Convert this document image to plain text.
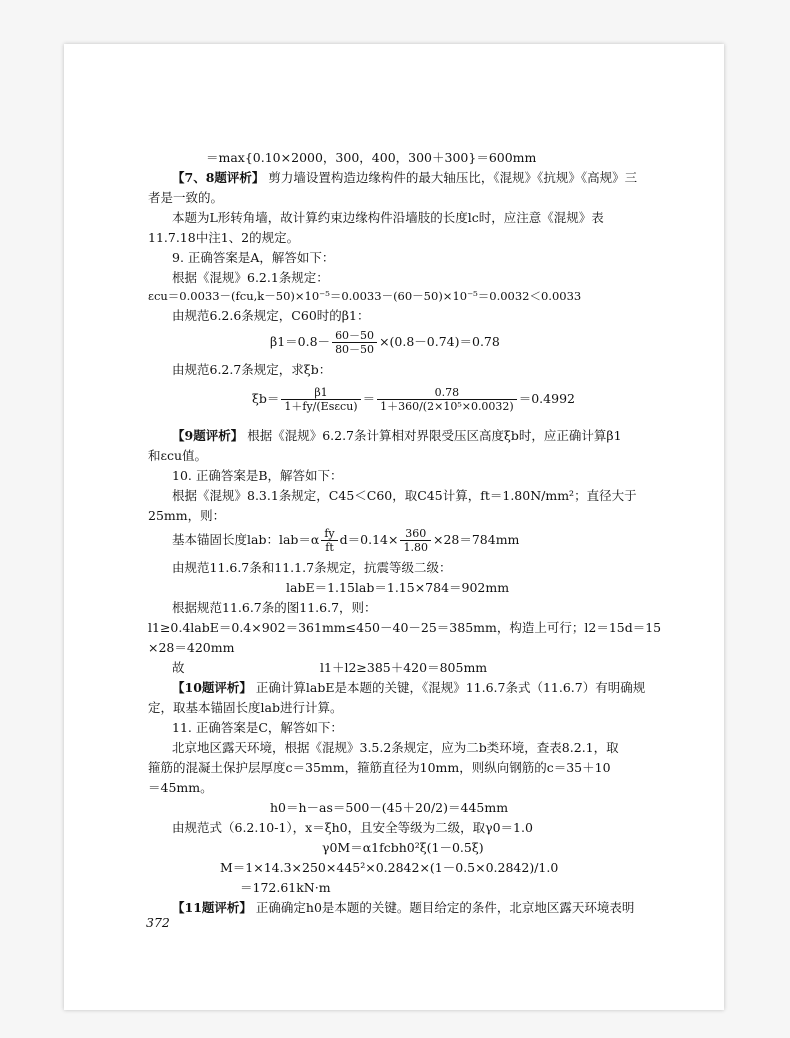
＝max{0.10×2000，300，400，300＋300}＝600mm
【7、8题评析】 剪力墙设置构造边缘构件的最大轴压比，《混规》《抗规》《高规》三
者是一致的。
本题为L形转角墙，故计算约束边缘构件沿墙肢的长度lc时，应注意《混规》表
11.7.18中注1、2的规定。
9. 正确答案是A，解答如下：
根据《混规》6.2.1条规定：
εcu＝0.0033－(fcu,k－50)×10⁻⁵＝0.0033－(60－50)×10⁻⁵＝0.0032＜0.0033
由规范6.2.6条规定，C60时的β1：
$\beta 1=0.8- \frac{60-50}{80-50} \times(0.8-0.74)=0.78$
由规范6.2.7条规定，求ξb：
$\xi b= \frac{\beta 1}{\text{1＋fy/(Esεcu)}} = \frac{0.78}{\text{1＋360/(2×10⁵×0.0032)}} =0.4992$
【9题评析】 根据《混规》6.2.7条计算相对界限受压区高度ξb时，应正确计算β1
和εcu值。
10. 正确答案是B，解答如下：
根据《混规》8.3.1条规定，C45＜C60，取C45计算，ft＝1.80N/mm²；直径大于
25mm，则：
基本锚固长度lab：$lab=\alpha \frac{fy}{ft} d=0.14\times \frac{360}{1.80} \times 28=784mm$
由规范11.6.7条和11.1.7条规定，抗震等级二级：
labE＝1.15lab＝1.15×784＝902mm
根据规范11.6.7条的图11.6.7，则：
l1≥0.4labE＝0.4×902＝361mm≤450－40－25＝385mm，构造上可行；l2＝15d＝15
×28＝420mm
故	l1＋l2≥385＋420＝805mm
【10题评析】 正确计算labE是本题的关键，《混规》11.6.7条式（11.6.7）有明确规
定，取基本锚固长度lab进行计算。
11. 正确答案是C，解答如下：
北京地区露天环境，根据《混规》3.5.2条规定，应为二b类环境，查表8.2.1，取
箍筋的混凝土保护层厚度c＝35mm，箍筋直径为10mm，则纵向钢筋的c＝35＋10
＝45mm。
h0＝h－as＝500－(45＋20/2)＝445mm
由规范式（6.2.10-1），x＝ξh0，且安全等级为二级，取γ0＝1.0
γ0M＝α1fcbh0²ξ(1－0.5ξ)
M＝1×14.3×250×445²×0.2842×(1－0.5×0.2842)/1.0
＝172.61kN·m
【11题评析】 正确确定h0是本题的关键。题目给定的条件，北京地区露天环境表明
372
